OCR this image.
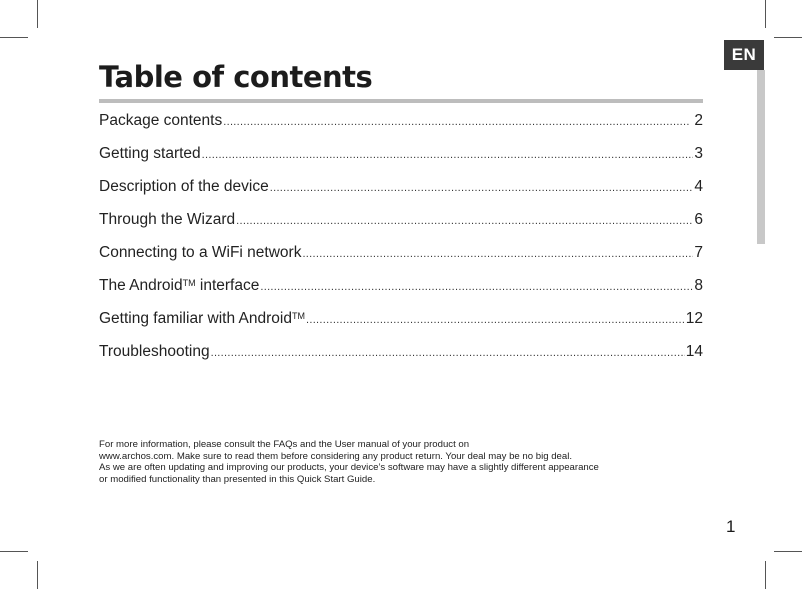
EN
Table of contents
Package contents .....	2
Getting started .....	3
Description of the device .....	4
Through the Wizard .....	6
Connecting to a WiFi network .....	7
The Android™ interface .....	8
Getting familiar with Android™ .....	12
Troubleshooting .....	14
For more information, please consult the FAQs and the User manual of your product on
www.archos.com. Make sure to read them before considering any product return. Your deal may be no big deal.
As we are often updating and improving our products, your device’s software may have a slightly different appearance
or modified functionality than presented in this Quick Start Guide.
1
